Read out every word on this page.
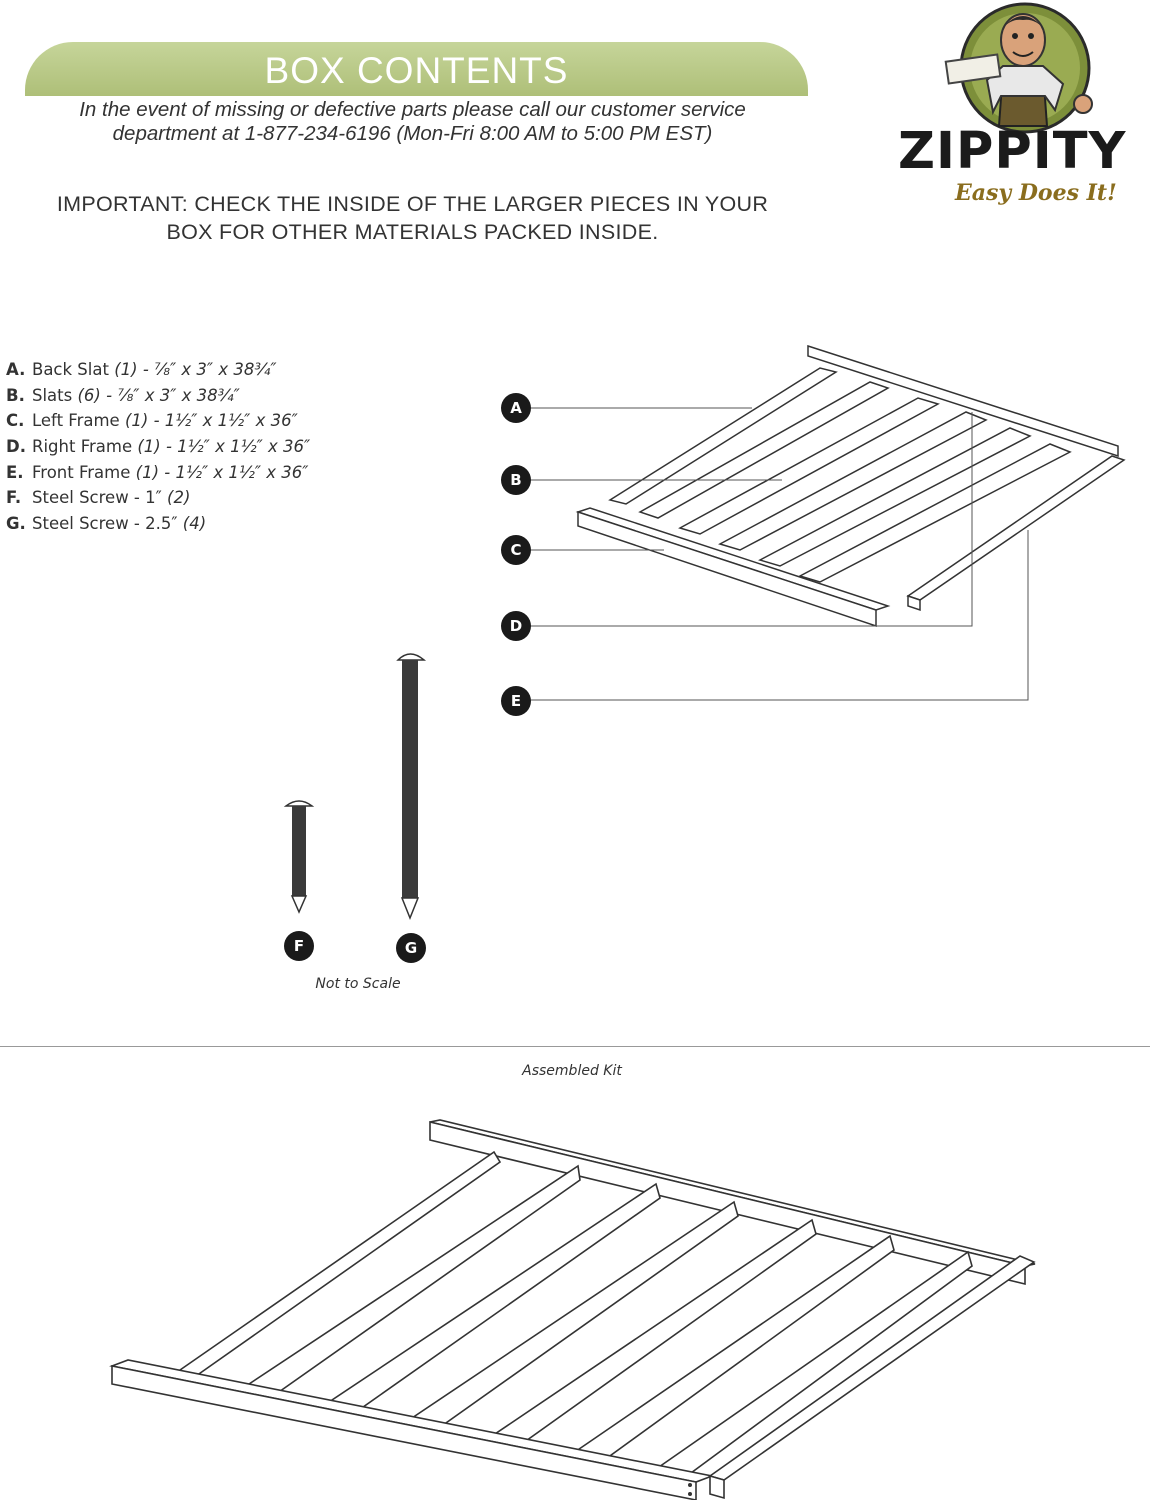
BOX CONTENTS
In the event of missing or defective parts please call our customer service
department at 1-877-234-6196 (Mon-Fri 8:00 AM to 5:00 PM EST)
IMPORTANT: CHECK THE INSIDE OF THE LARGER PIECES IN YOUR
BOX FOR OTHER MATERIALS PACKED INSIDE.
ZIPPITY
Easy Does It!
A. Back Slat (1) - ⅞″ x 3″ x 38¾″
B. Slats (6) - ⅞″ x 3″ x 38¾″
C. Left Frame (1) - 1½″ x 1½″ x 36″
D. Right Frame (1) - 1½″ x 1½″ x 36″
E. Front Frame (1) - 1½″ x 1½″ x 36″
F. Steel Screw - 1″ (2)
G. Steel Screw - 2.5″ (4)
A
B
C
D
E
F	G
Not to Scale
Assembled Kit
